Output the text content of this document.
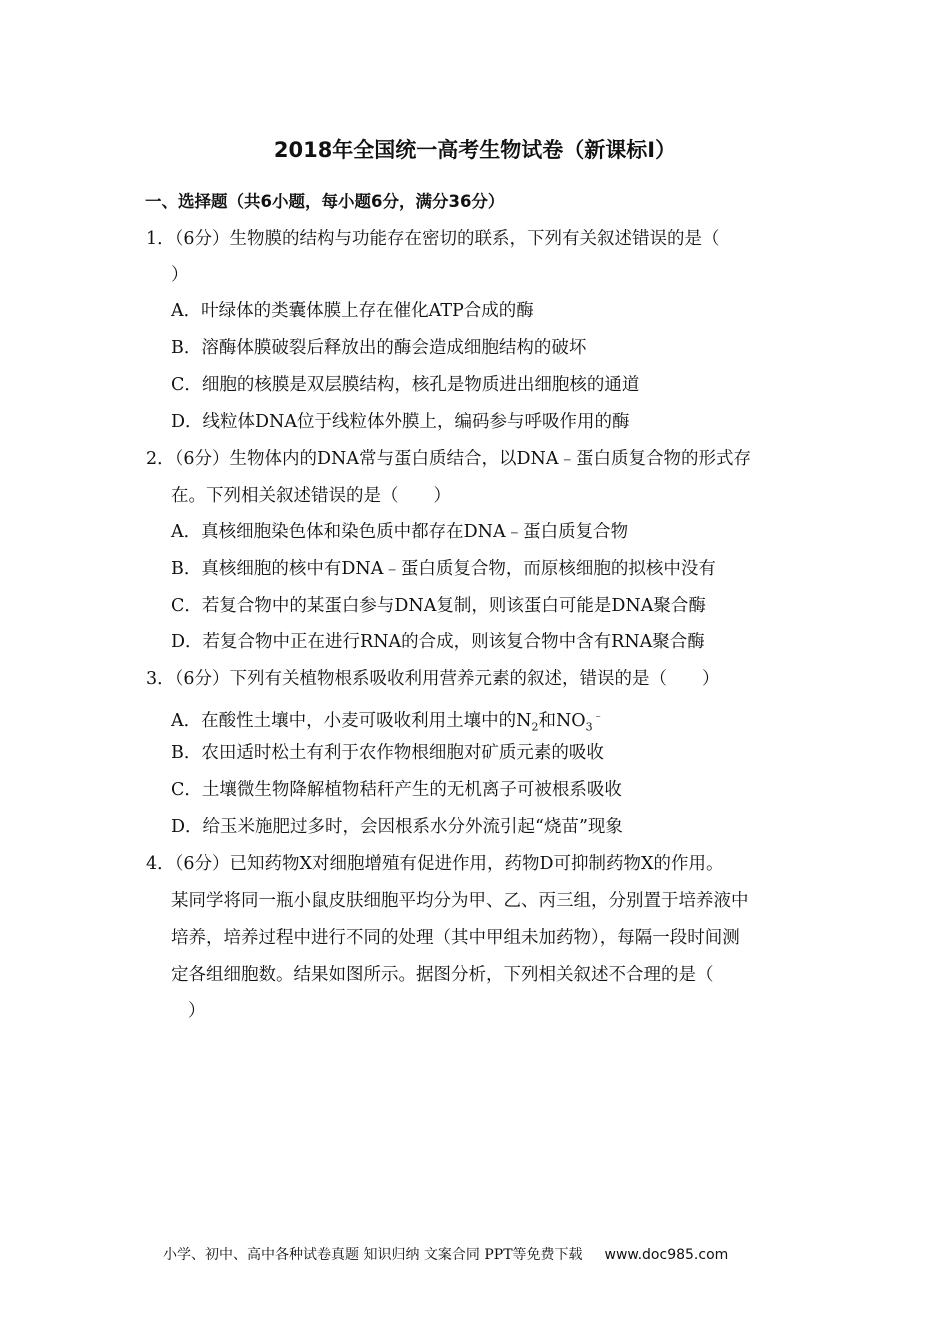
2018年全国统一高考生物试卷（新课标Ⅰ）
一、选择题（共6小题，每小题6分，满分36分）
1．（6分）生物膜的结构与功能存在密切的联系，下列有关叙述错误的是（
）
A．叶绿体的类囊体膜上存在催化ATP合成的酶
B．溶酶体膜破裂后释放出的酶会造成细胞结构的破坏
C．细胞的核膜是双层膜结构，核孔是物质进出细胞核的通道
D．线粒体DNA位于线粒体外膜上，编码参与呼吸作用的酶
2．（6分）生物体内的DNA常与蛋白质结合，以DNA﹣蛋白质复合物的形式存
在。下列相关叙述错误的是（　　）
A．真核细胞染色体和染色质中都存在DNA﹣蛋白质复合物
B．真核细胞的核中有DNA﹣蛋白质复合物，而原核细胞的拟核中没有
C．若复合物中的某蛋白参与DNA复制，则该蛋白可能是DNA聚合酶
D．若复合物中正在进行RNA的合成，则该复合物中含有RNA聚合酶
3．（6分）下列有关植物根系吸收利用营养元素的叙述，错误的是（　　）
A．在酸性土壤中，小麦可吸收利用土壤中的$N_2$和$NO_3^﹣$
B．农田适时松土有利于农作物根细胞对矿质元素的吸收
C．土壤微生物降解植物秸秆产生的无机离子可被根系吸收
D．给玉米施肥过多时，会因根系水分外流引起“烧苗”现象
4．（6分）已知药物X对细胞增殖有促进作用，药物D可抑制药物X的作用。
某同学将同一瓶小鼠皮肤细胞平均分为甲、乙、丙三组，分别置于培养液中
培养，培养过程中进行不同的处理（其中甲组未加药物），每隔一段时间测
定各组细胞数。结果如图所示。据图分析，下列相关叙述不合理的是（
）
小学、初中、高中各种试卷真题 知识归纳 文案合同 PPT等免费下载 www.doc985.com
